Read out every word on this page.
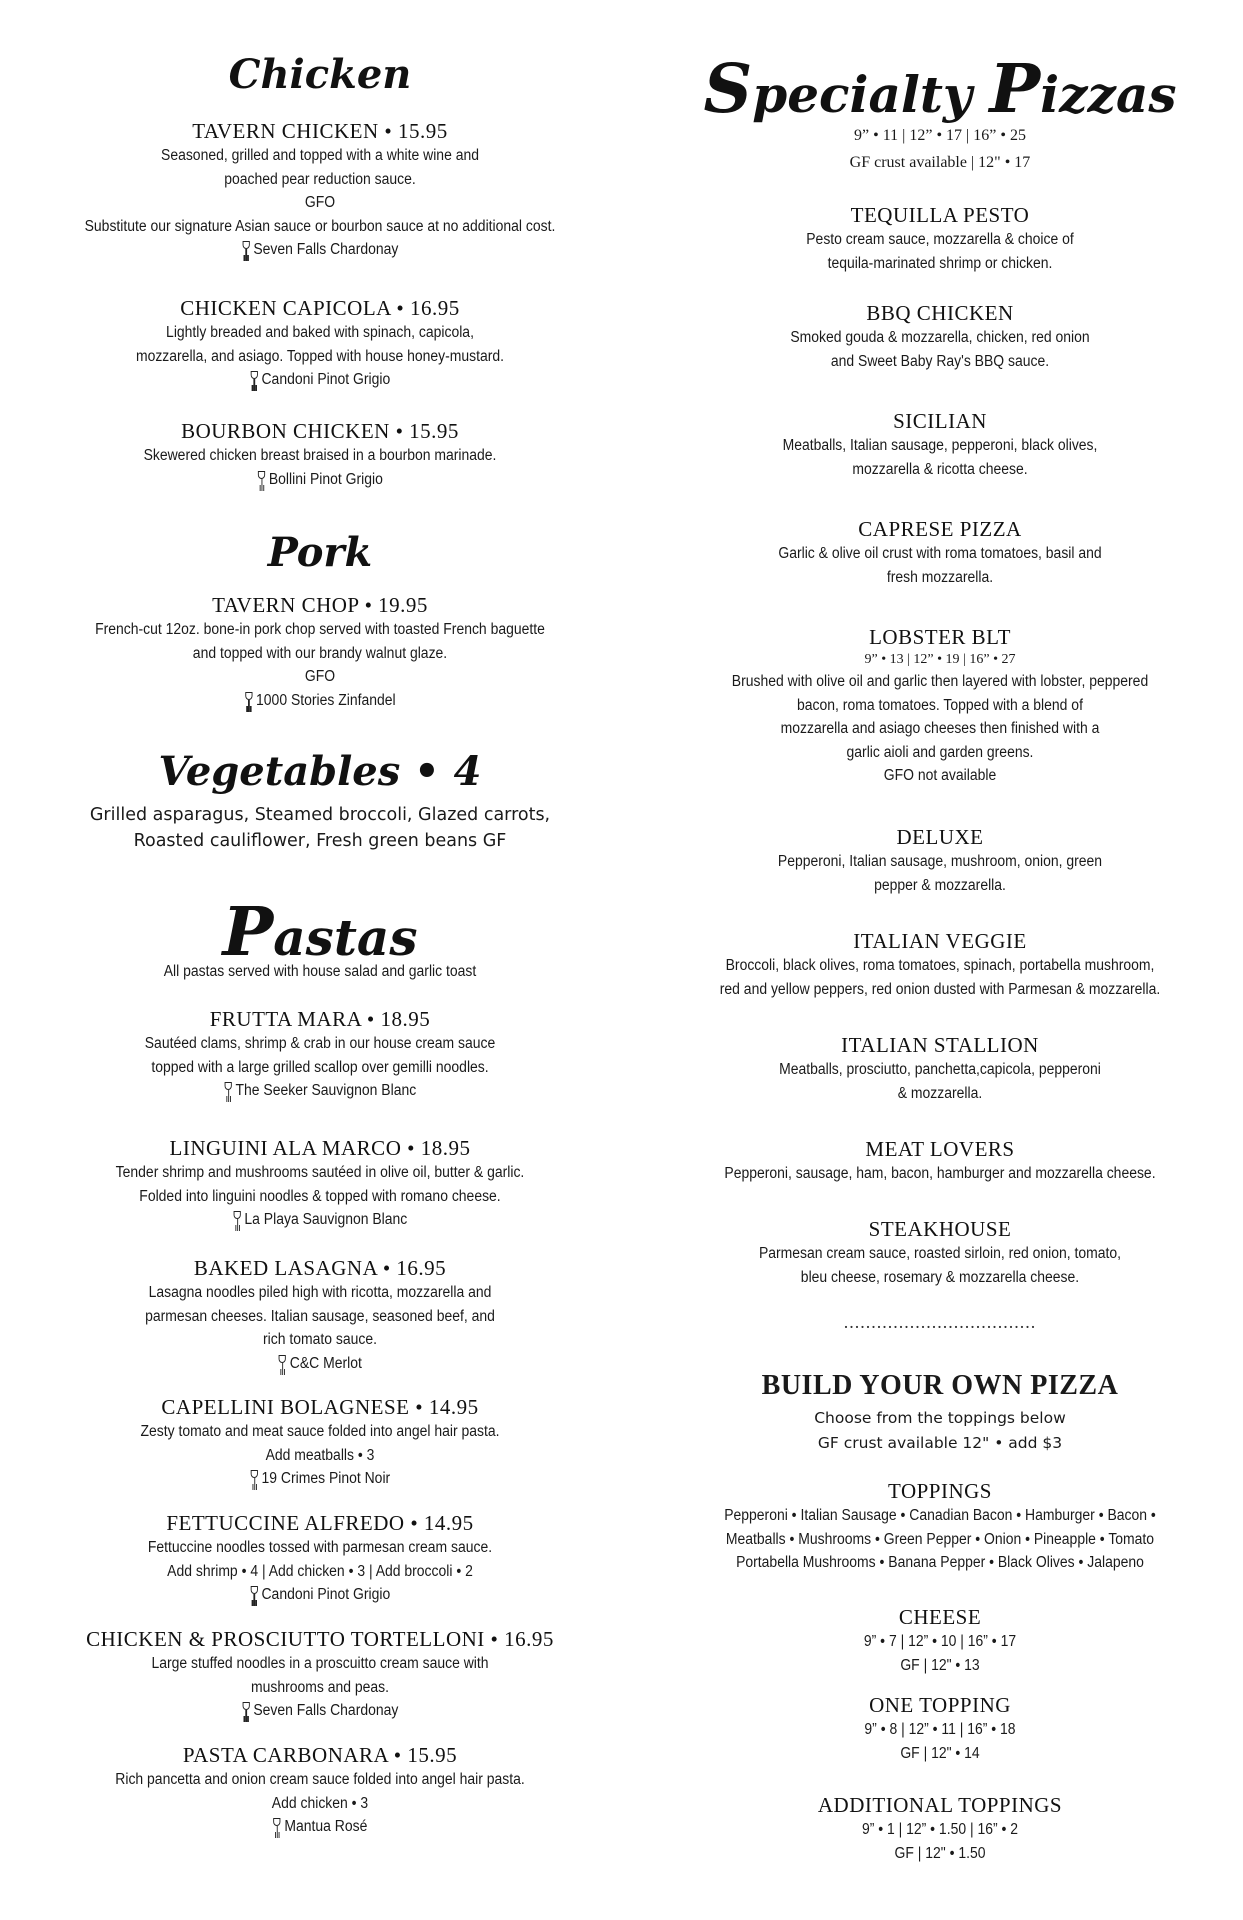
Chicken
TAVERN CHICKEN • 15.95
Seasoned, grilled and topped with a white wine and
poached pear reduction sauce.
GFO
Substitute our signature Asian sauce or bourbon sauce at no additional cost.
Seven Falls Chardonay
CHICKEN CAPICOLA • 16.95
Lightly breaded and baked with spinach, capicola,
mozzarella, and asiago. Topped with house honey-mustard.
Candoni Pinot Grigio
BOURBON CHICKEN • 15.95
Skewered chicken breast braised in a bourbon marinade.
Bollini Pinot Grigio
Pork
TAVERN CHOP • 19.95
French-cut 12oz. bone-in pork chop served with toasted French baguette
and topped with our brandy walnut glaze.
GFO
1000 Stories Zinfandel
Vegetables • 4
Grilled asparagus, Steamed broccoli, Glazed carrots,
Roasted cauliflower, Fresh green beans GF
Pastas
All pastas served with house salad and garlic toast
FRUTTA MARA • 18.95
Sautéed clams, shrimp & crab in our house cream sauce
topped with a large grilled scallop over gemilli noodles.
The Seeker Sauvignon Blanc
LINGUINI ALA MARCO • 18.95
Tender shrimp and mushrooms sautéed in olive oil, butter & garlic.
Folded into linguini noodles & topped with romano cheese.
La Playa Sauvignon Blanc
BAKED LASAGNA • 16.95
Lasagna noodles piled high with ricotta, mozzarella and
parmesan cheeses. Italian sausage, seasoned beef, and
rich tomato sauce.
C&C Merlot
CAPELLINI BOLAGNESE • 14.95
Zesty tomato and meat sauce folded into angel hair pasta.
Add meatballs • 3
19 Crimes Pinot Noir
FETTUCCINE ALFREDO • 14.95
Fettuccine noodles tossed with parmesan cream sauce.
Add shrimp • 4 | Add chicken • 3 | Add broccoli • 2
Candoni Pinot Grigio
CHICKEN & PROSCIUTTO TORTELLONI • 16.95
Large stuffed noodles in a proscuitto cream sauce with
mushrooms and peas.
Seven Falls Chardonay
PASTA CARBONARA • 15.95
Rich pancetta and onion cream sauce folded into angel hair pasta.
Add chicken • 3
Mantua Rosé
Specialty Pizzas
9” • 11 | 12” • 17 | 16” • 25
GF crust available | 12" • 17
TEQUILLA PESTO
Pesto cream sauce, mozzarella & choice of
tequila-marinated shrimp or chicken.
BBQ CHICKEN
Smoked gouda & mozzarella, chicken, red onion
and Sweet Baby Ray's BBQ sauce.
SICILIAN
Meatballs, Italian sausage, pepperoni, black olives,
mozzarella & ricotta cheese.
CAPRESE PIZZA
Garlic & olive oil crust with roma tomatoes, basil and
fresh mozzarella.
LOBSTER BLT
9” • 13 | 12” • 19 | 16” • 27
Brushed with olive oil and garlic then layered with lobster, peppered
bacon, roma tomatoes. Topped with a blend of
mozzarella and asiago cheeses then finished with a
garlic aioli and garden greens.
GFO not available
DELUXE
Pepperoni, Italian sausage, mushroom, onion, green
pepper & mozzarella.
ITALIAN VEGGIE
Broccoli, black olives, roma tomatoes, spinach, portabella mushroom,
red and yellow peppers, red onion dusted with Parmesan & mozzarella.
ITALIAN STALLION
Meatballs, prosciutto, panchetta,capicola, pepperoni
& mozzarella.
MEAT LOVERS
Pepperoni, sausage, ham, bacon, hamburger and mozzarella cheese.
STEAKHOUSE
Parmesan cream sauce, roasted sirloin, red onion, tomato,
bleu cheese, rosemary & mozzarella cheese.
...................................
BUILD YOUR OWN PIZZA
Choose from the toppings below
GF crust available 12" • add $3
TOPPINGS
Pepperoni • Italian Sausage • Canadian Bacon • Hamburger • Bacon •
Meatballs • Mushrooms • Green Pepper • Onion • Pineapple • Tomato
Portabella Mushrooms • Banana Pepper • Black Olives • Jalapeno
CHEESE
9” • 7 | 12” • 10 | 16” • 17
GF | 12" • 13
ONE TOPPING
9” • 8 | 12” • 11 | 16” • 18
GF | 12" • 14
ADDITIONAL TOPPINGS
9” • 1 | 12” • 1.50 | 16” • 2
GF | 12" • 1.50
